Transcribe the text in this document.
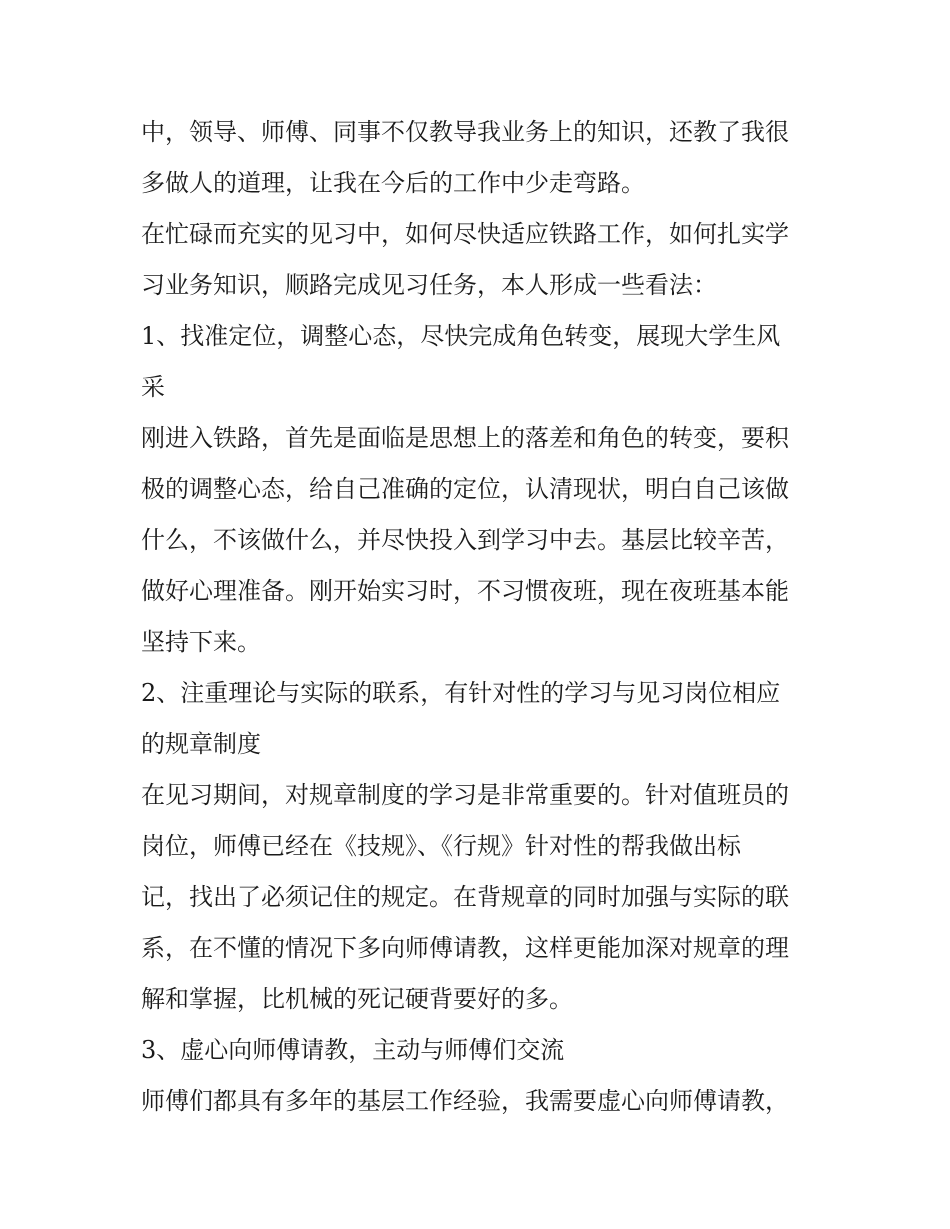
中，领导、师傅、同事不仅教导我业务上的知识，还教了我很
多做人的道理，让我在今后的工作中少走弯路。
在忙碌而充实的见习中，如何尽快适应铁路工作，如何扎实学
习业务知识，顺路完成见习任务，本人形成一些看法：
1、找准定位，调整心态，尽快完成角色转变，展现大学生风
采
刚进入铁路，首先是面临是思想上的落差和角色的转变，要积
极的调整心态，给自己准确的定位，认清现状，明白自己该做
什么，不该做什么，并尽快投入到学习中去。基层比较辛苦，
做好心理准备。刚开始实习时，不习惯夜班，现在夜班基本能
坚持下来。
2、注重理论与实际的联系，有针对性的学习与见习岗位相应
的规章制度
在见习期间，对规章制度的学习是非常重要的。针对值班员的
岗位，师傅已经在《技规》、《行规》针对性的帮我做出标
记，找出了必须记住的规定。在背规章的同时加强与实际的联
系，在不懂的情况下多向师傅请教，这样更能加深对规章的理
解和掌握，比机械的死记硬背要好的多。
3、虚心向师傅请教，主动与师傅们交流
师傅们都具有多年的基层工作经验，我需要虚心向师傅请教，
